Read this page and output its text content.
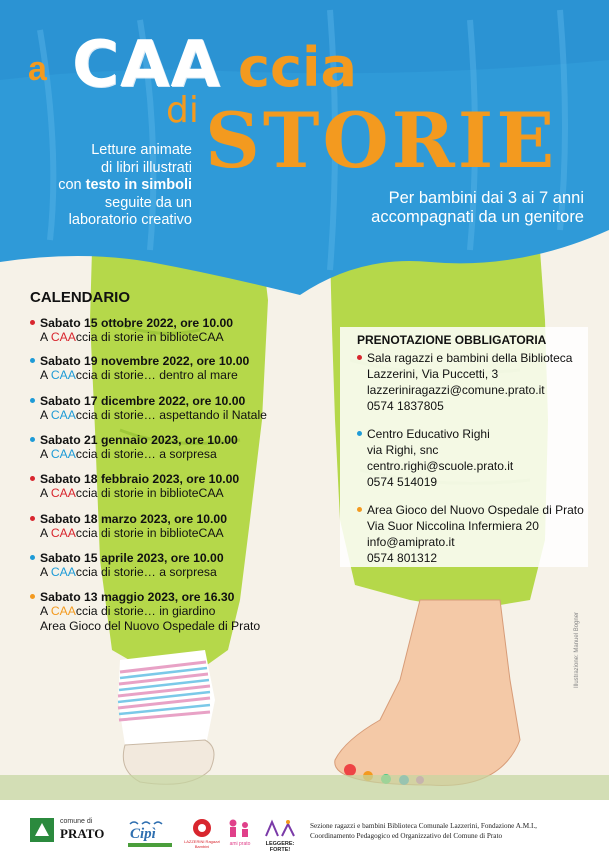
a CAA ccia
di STORIE
Letture animate
di libri illustrati
con testo in simboli
seguite da un
laboratorio creativo
Per bambini dai 3 ai 7 anni
accompagnati da un genitore
CALENDARIO
Sabato 15 ottobre 2022, ore 10.00
A CAAccia di storie in biblioteCAA
Sabato 19 novembre 2022, ore 10.00
A CAAccia di storie… dentro al mare
Sabato 17 dicembre 2022, ore 10.00
A CAAccia di storie… aspettando il Natale
Sabato 21 gennaio 2023, ore 10.00
A CAAccia di storie… a sorpresa
Sabato 18 febbraio 2023, ore 10.00
A CAAccia di storie in biblioteCAA
Sabato 18 marzo 2023, ore 10.00
A CAAccia di storie in biblioteCAA
Sabato 15 aprile 2023, ore 10.00
A CAAccia di storie… a sorpresa
Sabato 13 maggio 2023, ore 16.30
A CAAccia di storie… in giardino
Area Gioco del Nuovo Ospedale di Prato
PRENOTAZIONE OBBLIGATORIA
Sala ragazzi e bambini della Biblioteca
Lazzerini, Via Puccetti, 3
lazzeriniragazzi@comune.prato.it
0574 1837805
Centro Educativo Righi
via Righi, snc
centro.righi@scuole.prato.it
0574 514019
Area Gioco del Nuovo Ospedale di Prato
Via Suor Niccolina Infermiera 20
info@amiprato.it
0574 801312
Illustrazione: Manuel Bogner
comune di
PRATO Cipì	LAZZERINI Ragazzi Bambini	ami prato	LEGGERE: FORTE!
Sezione ragazzi e bambini Biblioteca Comunale Lazzerini, Fondazione A.M.I.,
Coordinamento Pedagogico ed Organizzativo del Comune di Prato
